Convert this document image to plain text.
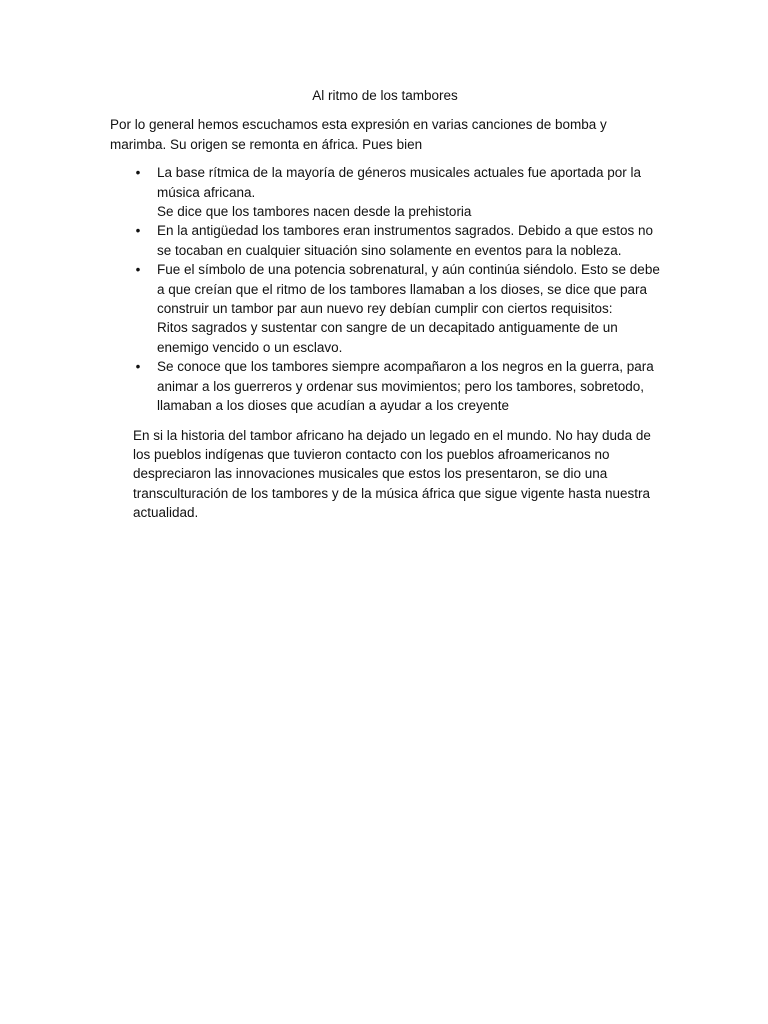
Al ritmo de los tambores

Por lo general hemos escuchamos esta expresión en varias canciones de bomba y marimba. Su origen se remonta en áfrica. Pues bien

• La base rítmica de la mayoría de géneros musicales actuales fue aportada por la música africana.

Se dice que los tambores nacen desde la prehistoria

• En la antigüedad los tambores eran instrumentos sagrados. Debido a que estos no se tocaban en cualquier situación sino solamente en eventos para la nobleza.

• Fue el símbolo de una potencia sobrenatural, y aún continúa siéndolo. Esto se debe a que creían que el ritmo de los tambores llamaban a los dioses, se dice que para construir un tambor par aun nuevo rey debían cumplir con ciertos requisitos:

Ritos sagrados y sustentar con sangre de un decapitado antiguamente de un enemigo vencido o un esclavo.

• Se conoce que los tambores siempre acompañaron a los negros en la guerra, para animar a los guerreros y ordenar sus movimientos; pero los tambores, sobretodo, llamaban a los dioses que acudían a ayudar a los creyente

En si la historia del tambor africano ha dejado un legado en el mundo. No hay duda de los pueblos indígenas que tuvieron contacto con los pueblos afroamericanos no despreciaron las innovaciones musicales que estos los presentaron, se dio una transculturación de los tambores y de la música áfrica que sigue vigente hasta nuestra actualidad.
